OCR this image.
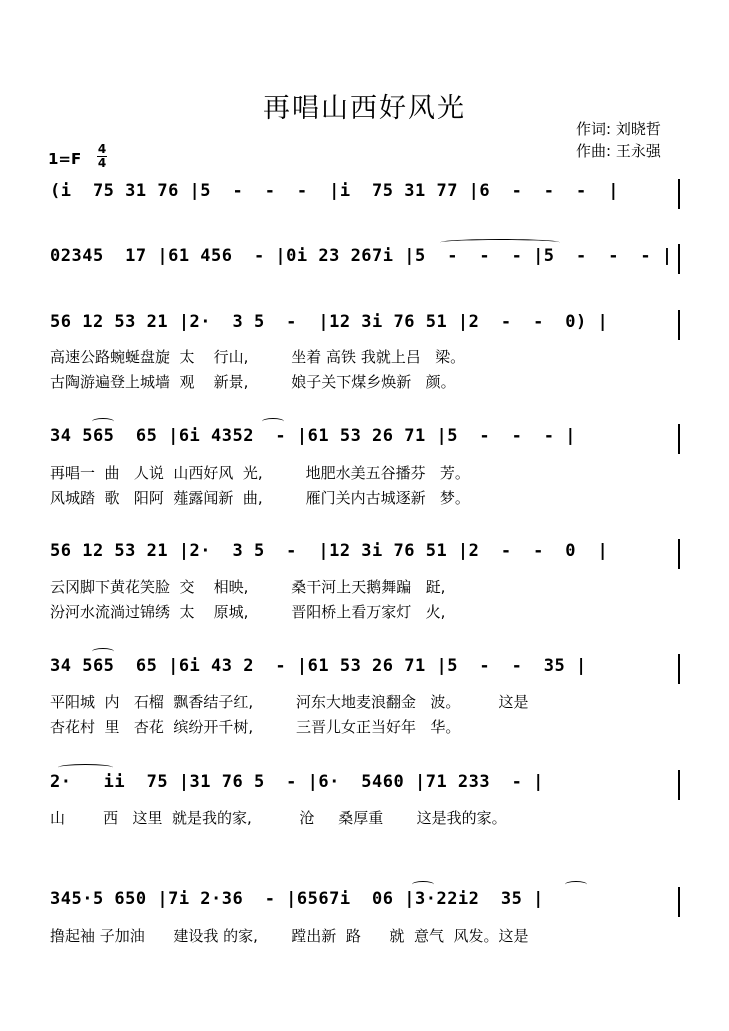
再唱山西好风光
作词: 刘晓哲
作曲: 王永强
1=F
4
4
(i  75 31 76 |5  -  -  -  |i  75 31 77 |6  -  -  -  |
02345  17 |61 456  - |0i 23 267i |5  -  -  - |5  -  -  - |
56 12 53 21 |2·  3 5  -  |12 3i 76 51 |2  -  -  0) |
高速公路蜿蜒盘旋  太    行山,         坐着 高铁 我就上吕   梁。
古陶游遍登上城墙  观    新景,         娘子关下煤乡焕新   颜。
34 565  65 |6i 4352  - |61 53 26 71 |5  -  -  - |
再唱一  曲   人说  山西好风  光,         地肥水美五谷播芬   芳。
风城踏  歌   阳阿  薤露闻新  曲,         雁门关内古城逐新   梦。
56 12 53 21 |2·  3 5  -  |12 3i 76 51 |2  -  -  0  |
云冈脚下黄花笑脸  交    相映,         桑干河上天鹅舞蹁   跹,
汾河水流淌过锦绣  太    原城,         晋阳桥上看万家灯   火,
34 565  65 |6i 43 2  - |61 53 26 71 |5  -  -  35 |
平阳城  内   石榴  飘香结子红,         河东大地麦浪翻金   波。        这是
杏花村  里   杏花  缤纷开千树,         三晋儿女正当好年   华。
2·   ii  75 |31 76 5  - |6·  5460 |71 233  - |
山        西   这里  就是我的家,          沧     桑厚重       这是我的家。
345·5 650 |7i 2·36  - |6567i  06 |3·22i2  35 |
撸起袖 子加油      建设我 的家,       蹚出新  路      就  意气  风发。这是
